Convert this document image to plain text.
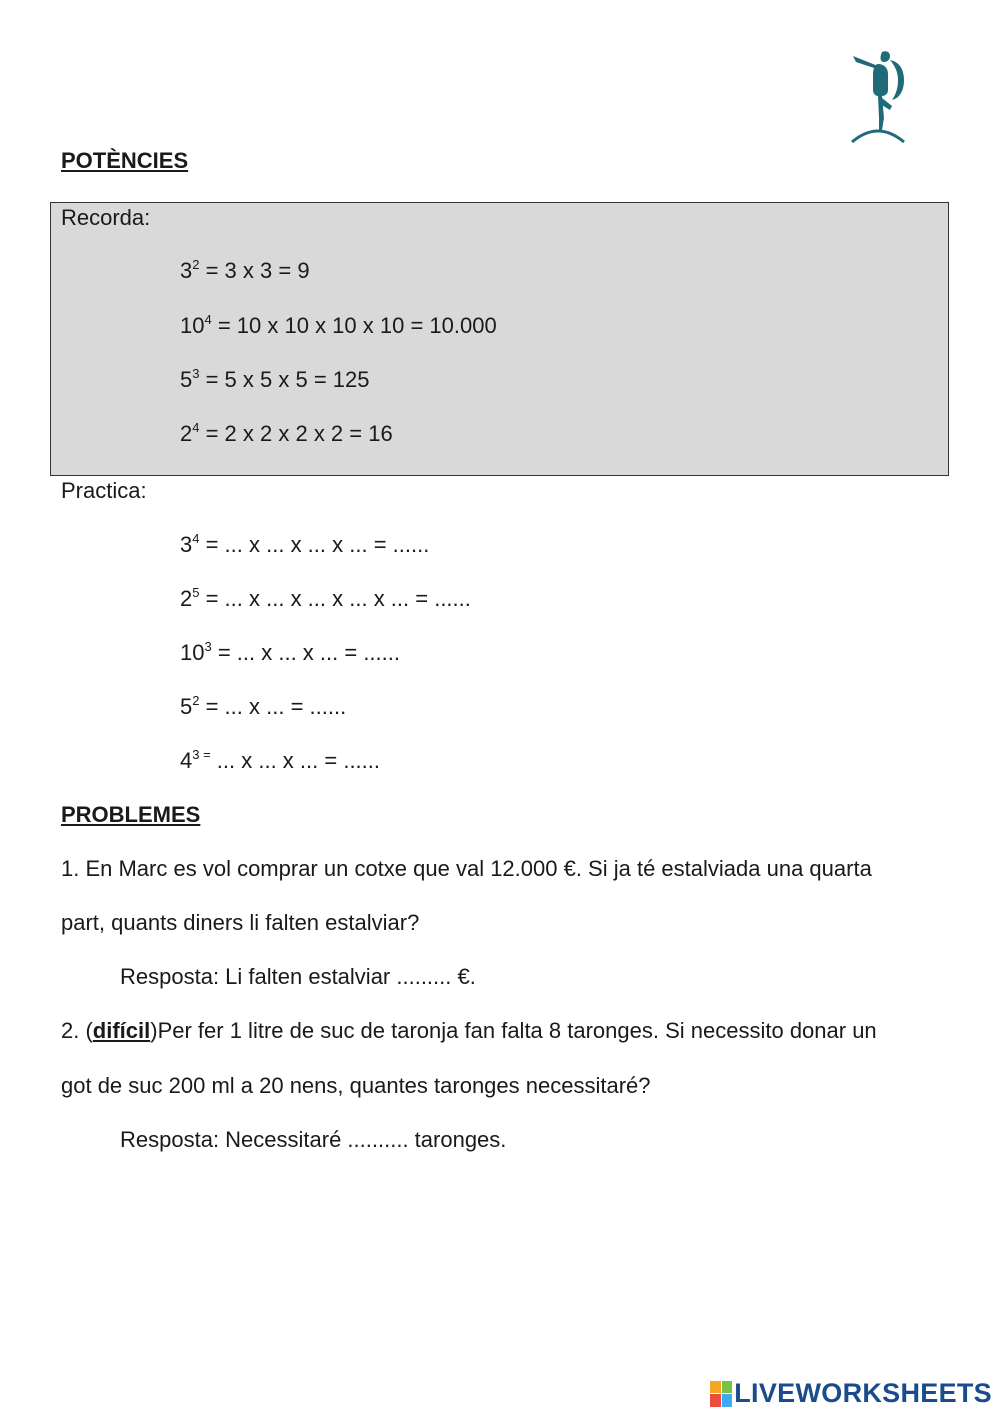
POTÈNCIES
Recorda:
$3^2 = 3$ x 3 = 9
$10^4 = 10$ x 10 x 10 x 10 = 10.000
$5^3 = 5$ x 5 x 5 = 125
$2^4 = 2$ x 2 x 2 x 2 = 16
Practica:
$3^4$ = ... x ... x ... x ... = ......
$2^5$ = ... x ... x ... x ... x ... = ......
$10^3$ = ... x ... x ... = ......
$5^2$ = ... x ... = ......
$4^{3 =}$ ... x ... x ... = ......
PROBLEMES
1. En Marc es vol comprar un cotxe que val 12.000 €. Si ja té estalviada una quarta
part, quants diners li falten estalviar?
Resposta: Li falten estalviar ......... €.
2. (difícil)Per fer 1 litre de suc de taronja fan falta 8 taronges. Si necessito donar un
got de suc 200 ml a 20 nens, quantes taronges necessitaré?
Resposta: Necessitaré .......... taronges.
LIVEWORKSHEETS
